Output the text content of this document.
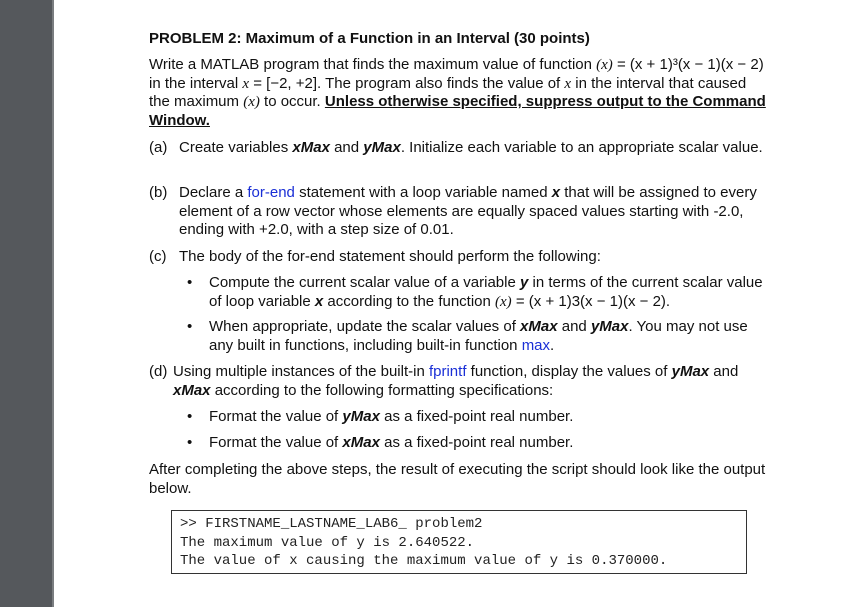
PROBLEM 2: Maximum of a Function in an Interval (30 points)
Write a MATLAB program that finds the maximum value of function (x) = (x + 1)³(x − 1)(x − 2) in the interval x = [−2, +2]. The program also finds the value of x in the interval that caused the maximum (x) to occur. Unless otherwise specified, suppress output to the Command Window.
(a) Create variables xMax and yMax. Initialize each variable to an appropriate scalar value.
(b) Declare a for-end statement with a loop variable named x that will be assigned to every element of a row vector whose elements are equally spaced values starting with -2.0, ending with +2.0, with a step size of 0.01.
(c) The body of the for-end statement should perform the following:
• Compute the current scalar value of a variable y in terms of the current scalar value of loop variable x according to the function (x) = (x + 1)3(x − 1)(x − 2).
• When appropriate, update the scalar values of xMax and yMax. You may not use any built in functions, including built-in function max.
(d) Using multiple instances of the built-in fprintf function, display the values of yMax and xMax according to the following formatting specifications:
• Format the value of yMax as a fixed-point real number.
• Format the value of xMax as a fixed-point real number.
After completing the above steps, the result of executing the script should look like the output below.
>> FIRSTNAME_LASTNAME_LAB6_ problem2
The maximum value of y is 2.640522.
The value of x causing the maximum value of y is 0.370000.
